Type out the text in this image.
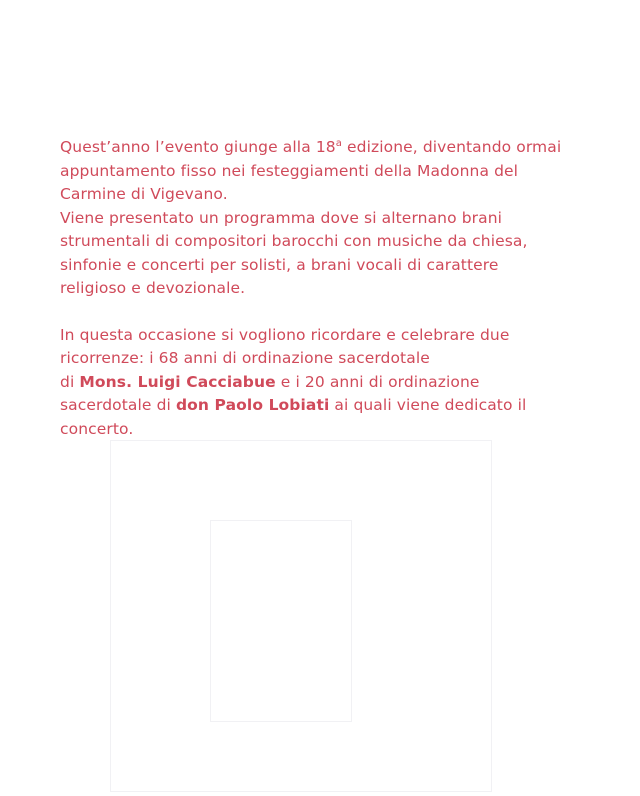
Quest’anno l’evento giunge alla 18$^a$ edizione, diventando ormai
appuntamento fisso nei festeggiamenti della Madonna del
Carmine di Vigevano.

Viene presentato un programma dove si alternano brani
strumentali di compositori barocchi con musiche da chiesa,
sinfonie e concerti per solisti, a brani vocali di carattere
religioso e devozionale.

In questa occasione si vogliono ricordare e celebrare due
ricorrenze: i 68 anni di ordinazione sacerdotale
di Mons. Luigi Cacciabue e i 20 anni di ordinazione
sacerdotale di don Paolo Lobiati ai quali viene dedicato il
concerto.
